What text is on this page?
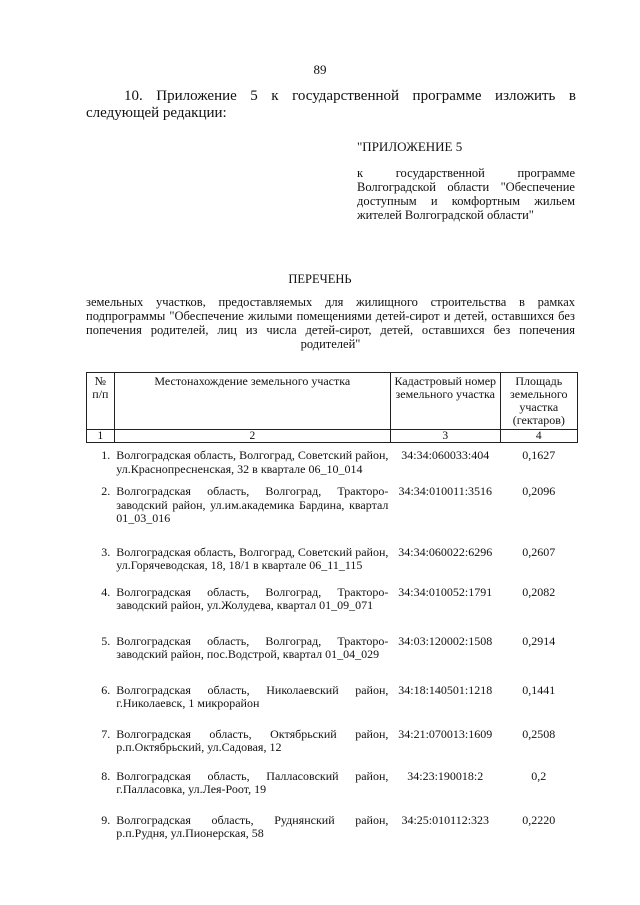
89
10. Приложение 5 к государственной программе изложить в следующей редакции:
"ПРИЛОЖЕНИЕ 5
к государственной программе Волгоградской области "Обеспечение доступным и комфортным жильем жителей Волгоградской области"
ПЕРЕЧЕНЬ
земельных участков, предоставляемых для жилищного строительства в рамках подпрограммы "Обеспечение жилыми помещениями детей-сирот и детей, оставшихся без попечения родителей, лиц из числа детей-сирот, детей, оставшихся без попечения родителей"
№ п/п	Местонахождение земельного участка	Кадастровый номер земельного участка	Площадь земельного участка (гектаров)
1	2	3	4
1.	Волгоградская область, Волгоград, Советский район, ул.Краснопресненская, 32 в квартале 06_10_014	34:34:060033:404	0,1627
2.	Волгоградская область, Волгоград, Тракторо-заводский район, ул.им.академика Бардина, квартал 01_03_016	34:34:010011:3516	0,2096
3.	Волгоградская область, Волгоград, Советский район, ул.Горячеводская, 18, 18/1 в квартале 06_11_115	34:34:060022:6296	0,2607
4.	Волгоградская область, Волгоград, Тракторо-заводский район, ул.Жолудева, квартал 01_09_071	34:34:010052:1791	0,2082
5.	Волгоградская область, Волгоград, Тракторо-заводский район, пос.Водстрой, квартал 01_04_029	34:03:120002:1508	0,2914
6.	Волгоградская область, Николаевский район, г.Николаевск, 1 микрорайон	34:18:140501:1218	0,1441
7.	Волгоградская область, Октябрьский район, р.п.Октябрьский, ул.Садовая, 12	34:21:070013:1609	0,2508
8.	Волгоградская область, Палласовский район, г.Палласовка, ул.Лея-Роот, 19	34:23:190018:2	0,2
9.	Волгоградская область, Руднянский район, р.п.Рудня, ул.Пионерская, 58	34:25:010112:323	0,2220
